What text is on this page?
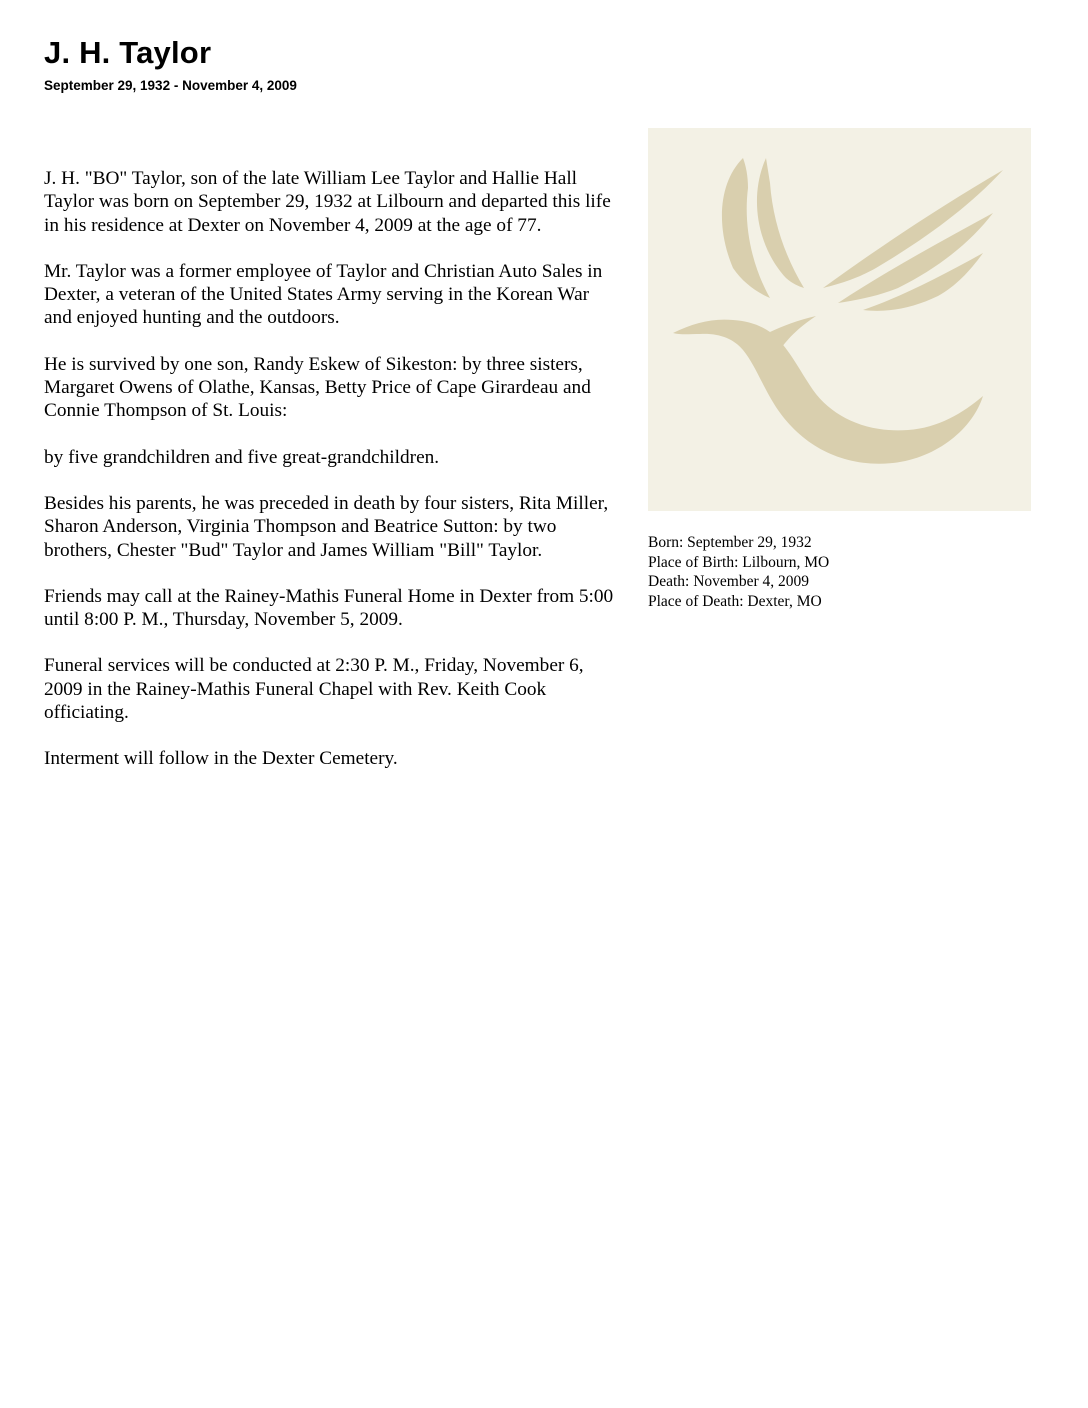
J. H. Taylor
September 29, 1932 - November 4, 2009

J. H. "BO" Taylor, son of the late William Lee Taylor and Hallie Hall Taylor was born on September 29, 1932 at Lilbourn and departed this life in his residence at Dexter on November 4, 2009 at the age of 77.

Mr. Taylor was a former employee of Taylor and Christian Auto Sales in Dexter, a veteran of the United States Army serving in the Korean War and enjoyed hunting and the outdoors.

He is survived by one son, Randy Eskew of Sikeston: by three sisters, Margaret Owens of Olathe, Kansas, Betty Price of Cape Girardeau and Connie Thompson of St. Louis:

by five grandchildren and five great-grandchildren.

Besides his parents, he was preceded in death by four sisters, Rita Miller, Sharon Anderson, Virginia Thompson and Beatrice Sutton: by two brothers, Chester "Bud" Taylor and James William "Bill" Taylor.

Friends may call at the Rainey-Mathis Funeral Home in Dexter from 5:00 until 8:00 P. M., Thursday, November 5, 2009.

Funeral services will be conducted at 2:30 P. M., Friday, November 6, 2009 in the Rainey-Mathis Funeral Chapel with Rev. Keith Cook officiating.

Interment will follow in the Dexter Cemetery.

Born: September 29, 1932
Place of Birth: Lilbourn, MO
Death: November 4, 2009
Place of Death: Dexter, MO
